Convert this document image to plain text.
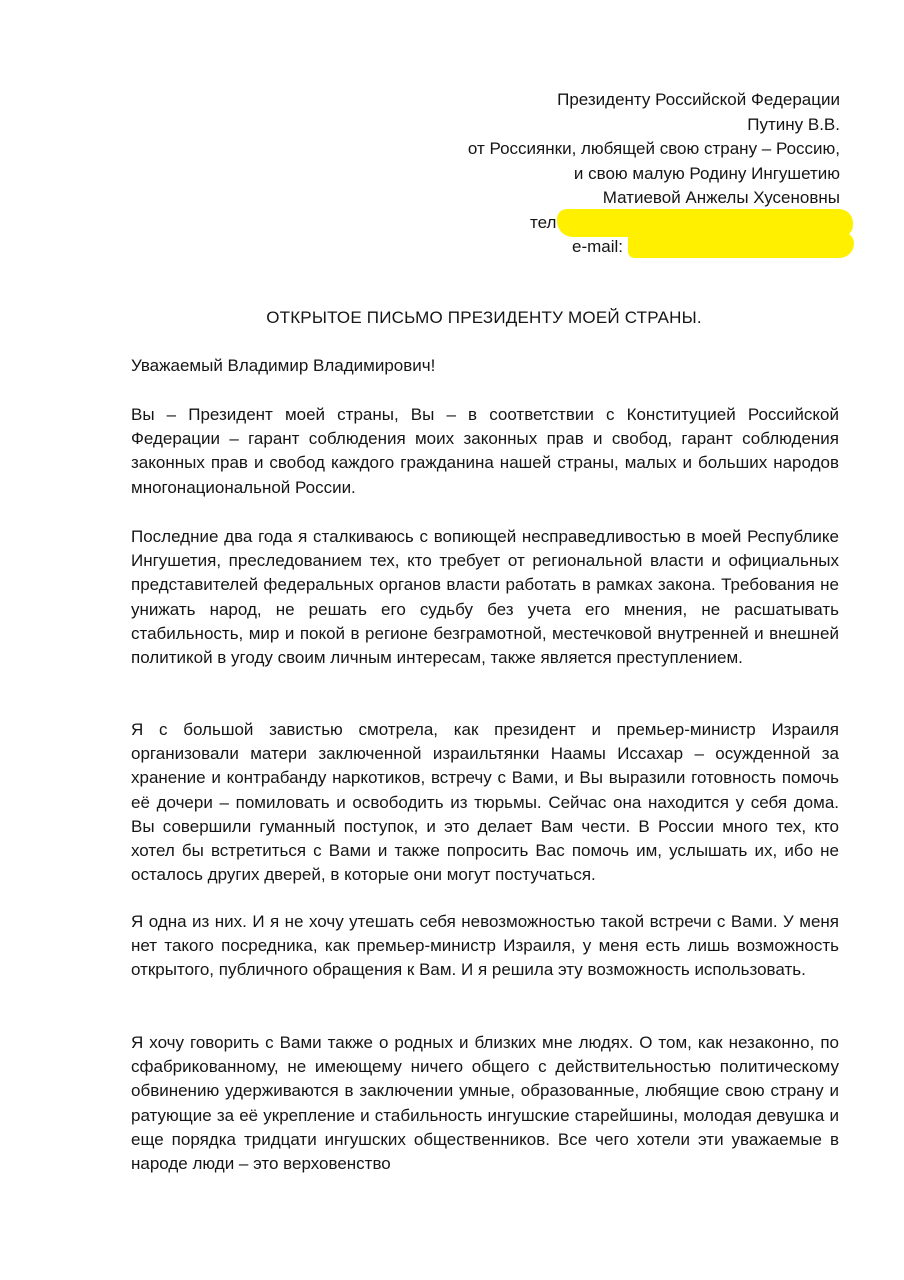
Президенту Российской Федерации
Путину В.В.
от Россиянки, любящей свою страну – Россию,
и свою малую Родину Ингушетию
Матиевой Анжелы Хусеновны
тел
e-mail:
ОТКРЫТОЕ ПИСЬМО ПРЕЗИДЕНТУ МОЕЙ СТРАНЫ.
Уважаемый Владимир Владимирович!
Вы – Президент моей страны, Вы – в соответствии с Конституцией Российской Федерации – гарант соблюдения моих законных прав и свобод, гарант соблюдения законных прав и свобод каждого гражданина нашей страны, малых и больших народов многонациональной России.
Последние два года я сталкиваюсь с вопиющей несправедливостью в моей Республике Ингушетия, преследованием тех, кто требует от региональной власти и официальных представителей федеральных органов власти работать в рамках закона. Требования не унижать народ, не решать его судьбу без учета его мнения, не расшатывать стабильность, мир и покой в регионе безграмотной, местечковой внутренней и внешней политикой в угоду своим личным интересам, также является преступлением.
Я с большой завистью смотрела, как президент и премьер-министр Израиля организовали матери заключенной израильтянки Наамы Иссахар – осужденной за хранение и контрабанду наркотиков, встречу с Вами, и Вы выразили готовность помочь её дочери – помиловать и освободить из тюрьмы. Сейчас она находится у себя дома. Вы совершили гуманный поступок, и это делает Вам чести. В России много тех, кто хотел бы встретиться с Вами и также попросить Вас помочь им, услышать их, ибо не осталось других дверей, в которые они могут постучаться.
Я одна из них. И я не хочу утешать себя невозможностью такой встречи с Вами. У меня нет такого посредника, как премьер-министр Израиля, у меня есть лишь возможность открытого, публичного обращения к Вам. И я решила эту возможность использовать.
Я хочу говорить с Вами также о родных и близких мне людях. О том, как незаконно, по сфабрикованному, не имеющему ничего общего с действительностью политическому обвинению удерживаются в заключении умные, образованные, любящие свою страну и ратующие за её укрепление и стабильность ингушские старейшины, молодая девушка и еще порядка тридцати ингушских общественников. Все чего хотели эти уважаемые в народе люди – это верховенство
